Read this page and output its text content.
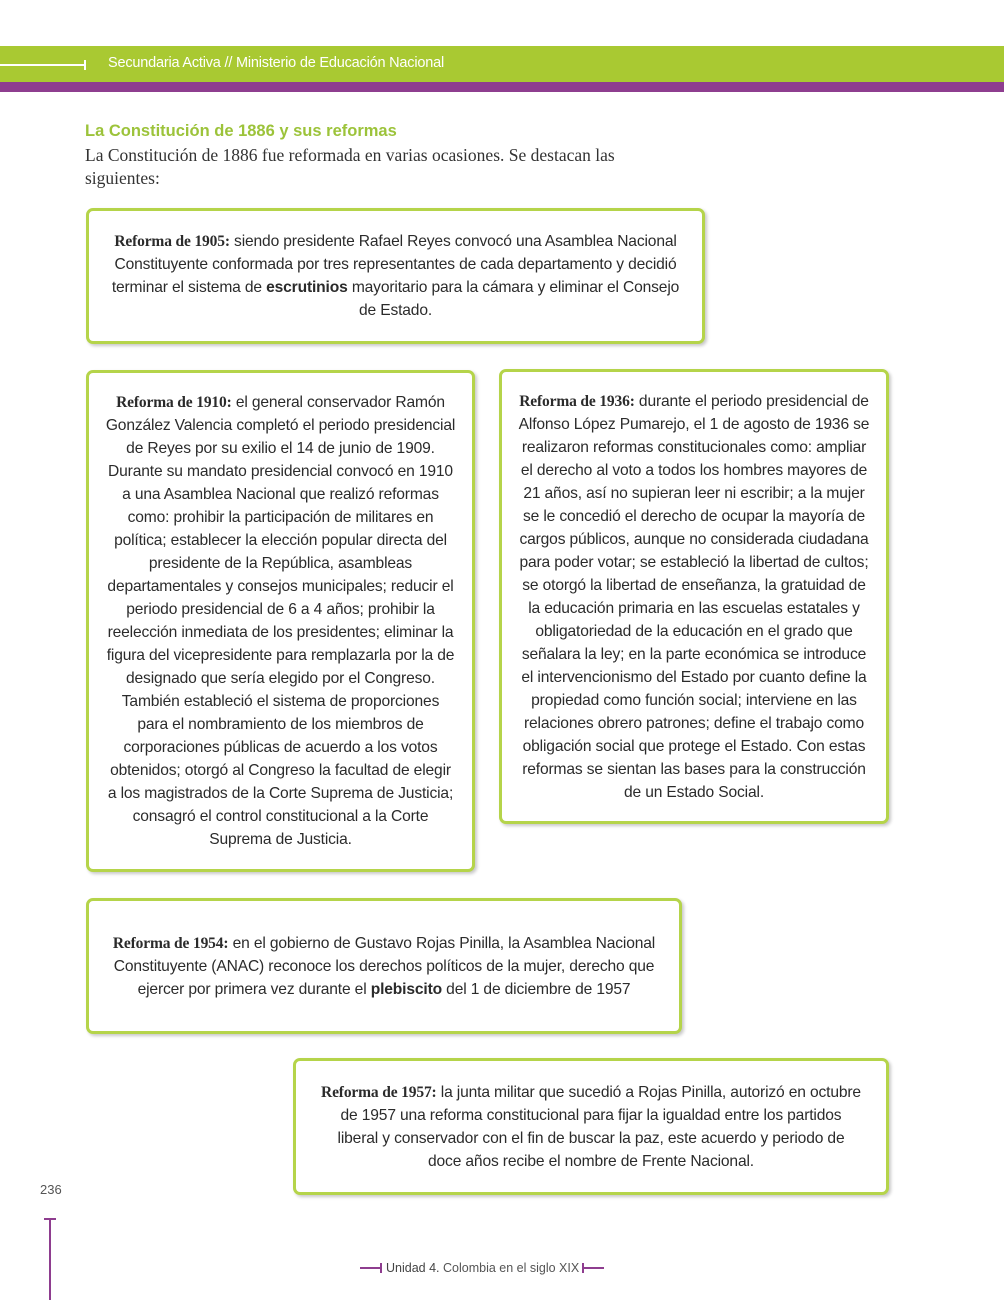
Secundaria Activa // Ministerio de Educación Nacional
La Constitución de 1886 y sus reformas
La Constitución de 1886 fue reformada en varias ocasiones. Se destacan las siguientes:

Reforma de 1905: siendo presidente Rafael Reyes convocó una Asamblea Nacional Constituyente conformada por tres representantes de cada departamento y decidió terminar el sistema de escrutinios mayoritario para la cámara y eliminar el Consejo de Estado.

Reforma de 1910: el general conservador Ramón González Valencia completó el periodo presidencial de Reyes por su exilio el 14 de junio de 1909. Durante su mandato presidencial convocó en 1910 a una Asamblea Nacional que realizó reformas como: prohibir la participación de militares en política; establecer la elección popular directa del presidente de la República, asambleas departamentales y consejos municipales; reducir el periodo presidencial de 6 a 4 años; prohibir la reelección inmediata de los presidentes; eliminar la figura del vicepresidente para remplazarla por la de designado que sería elegido por el Congreso. También estableció el sistema de proporciones para el nombramiento de los miembros de corporaciones públicas de acuerdo a los votos obtenidos; otorgó al Congreso la facultad de elegir a los magistrados de la Corte Suprema de Justicia; consagró el control constitucional a la Corte Suprema de Justicia.

Reforma de 1936: durante el periodo presidencial de Alfonso López Pumarejo, el 1 de agosto de 1936 se realizaron reformas constitucionales como: ampliar el derecho al voto a todos los hombres mayores de 21 años, así no supieran leer ni escribir; a la mujer se le concedió el derecho de ocupar la mayoría de cargos públicos, aunque no considerada ciudadana para poder votar; se estableció la libertad de cultos; se otorgó la libertad de enseñanza, la gratuidad de la educación primaria en las escuelas estatales y obligatoriedad de la educación en el grado que señalara la ley; en la parte económica se introduce el intervencionismo del Estado por cuanto define la propiedad como función social; interviene en las relaciones obrero patrones; define el trabajo como obligación social que protege el Estado. Con estas reformas se sientan las bases para la construcción de un Estado Social.

Reforma de 1954: en el gobierno de Gustavo Rojas Pinilla, la Asamblea Nacional Constituyente (ANAC) reconoce los derechos políticos de la mujer, derecho que ejercer por primera vez durante el plebiscito del 1 de diciembre de 1957

Reforma de 1957: la junta militar que sucedió a Rojas Pinilla, autorizó en octubre de 1957 una reforma constitucional para fijar la igualdad entre los partidos liberal y conservador con el fin de buscar la paz, este acuerdo y periodo de doce años recibe el nombre de Frente Nacional.

236
Unidad 4. Colombia en el siglo XIX
